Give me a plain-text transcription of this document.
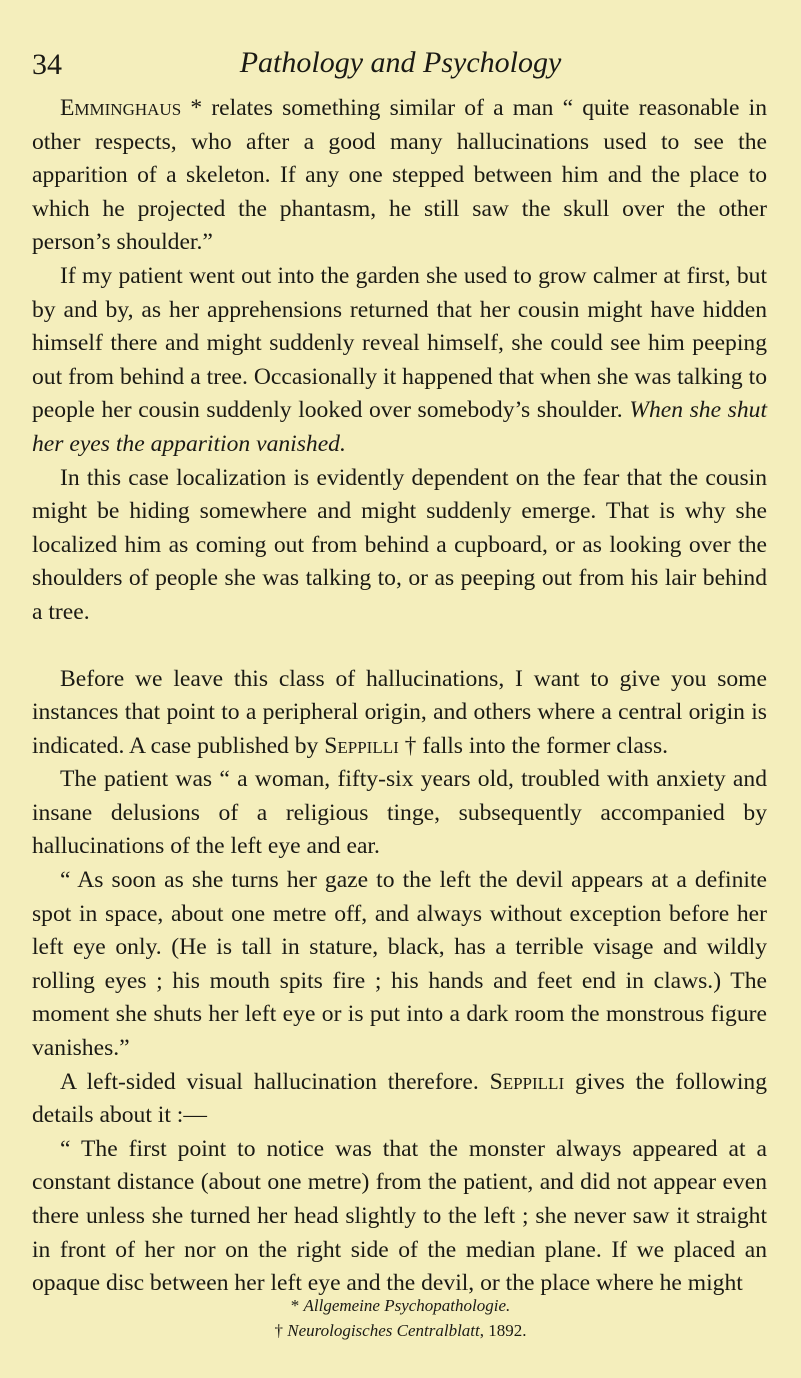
34	Pathology and Psychology

Emminghaus * relates something similar of a man “ quite reasonable in other respects, who after a good many hallucinations used to see the apparition of a skeleton. If any one stepped between him and the place to which he projected the phantasm, he still saw the skull over the other person’s shoulder.”

If my patient went out into the garden she used to grow calmer at first, but by and by, as her apprehensions returned that her cousin might have hidden himself there and might suddenly reveal himself, she could see him peeping out from behind a tree. Occasionally it happened that when she was talking to people her cousin suddenly looked over somebody’s shoulder. When she shut her eyes the apparition vanished.

In this case localization is evidently dependent on the fear that the cousin might be hiding somewhere and might suddenly emerge. That is why she localized him as coming out from behind a cupboard, or as looking over the shoulders of people she was talking to, or as peeping out from his lair behind a tree.

Before we leave this class of hallucinations, I want to give you some instances that point to a peripheral origin, and others where a central origin is indicated. A case published by Seppilli † falls into the former class.

The patient was “ a woman, fifty-six years old, troubled with anxiety and insane delusions of a religious tinge, subsequently accompanied by hallucinations of the left eye and ear.

“ As soon as she turns her gaze to the left the devil appears at a definite spot in space, about one metre off, and always without exception before her left eye only. (He is tall in stature, black, has a terrible visage and wildly rolling eyes ; his mouth spits fire ; his hands and feet end in claws.) The moment she shuts her left eye or is put into a dark room the monstrous figure vanishes.”

A left-sided visual hallucination therefore. Seppilli gives the following details about it :—

“ The first point to notice was that the monster always appeared at a constant distance (about one metre) from the patient, and did not appear even there unless she turned her head slightly to the left ; she never saw it straight in front of her nor on the right side of the median plane. If we placed an opaque disc between her left eye and the devil, or the place where he might

* Allgemeine Psychopathologie.
† Neurologisches Centralblatt, 1892.
